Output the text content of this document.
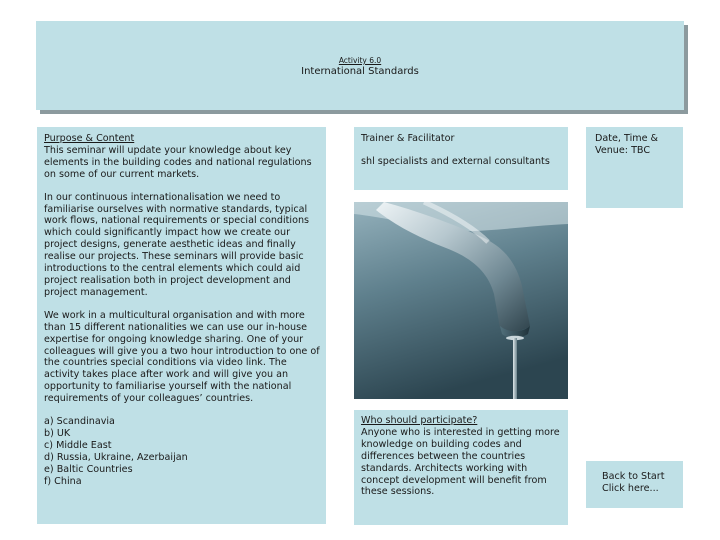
Activity 6.0
International Standards
Purpose & Content

This seminar will update your knowledge about key elements in the building codes and national regulations on some of our current markets.

In our continuous internationalisation we need to familiarise ourselves with normative standards, typical work flows, national requirements or special conditions which could significantly impact how we create our project designs, generate aesthetic ideas and finally realise our projects. These seminars will provide basic introductions to the central elements which could aid project realisation both in project development and project management.

We work in a multicultural organisation and with more than 15 different nationalities we can use our in-house expertise for ongoing knowledge sharing. One of your colleagues will give you a two hour introduction to one of the countries special conditions via video link. The activity takes place after work and will give you an opportunity to familiarise yourself with the national requirements of your colleagues’ countries.

a) Scandinavia
b) UK
c) Middle East
d) Russia, Ukraine, Azerbaijan
e) Baltic Countries
f) China
Trainer & Facilitator
shl specialists and external consultants
Date, Time & Venue: TBC
Who should participate?
Anyone who is interested in getting more knowledge on building codes and differences between the countries standards. Architects working with concept development will benefit from these sessions.
Back to Start Click here...
